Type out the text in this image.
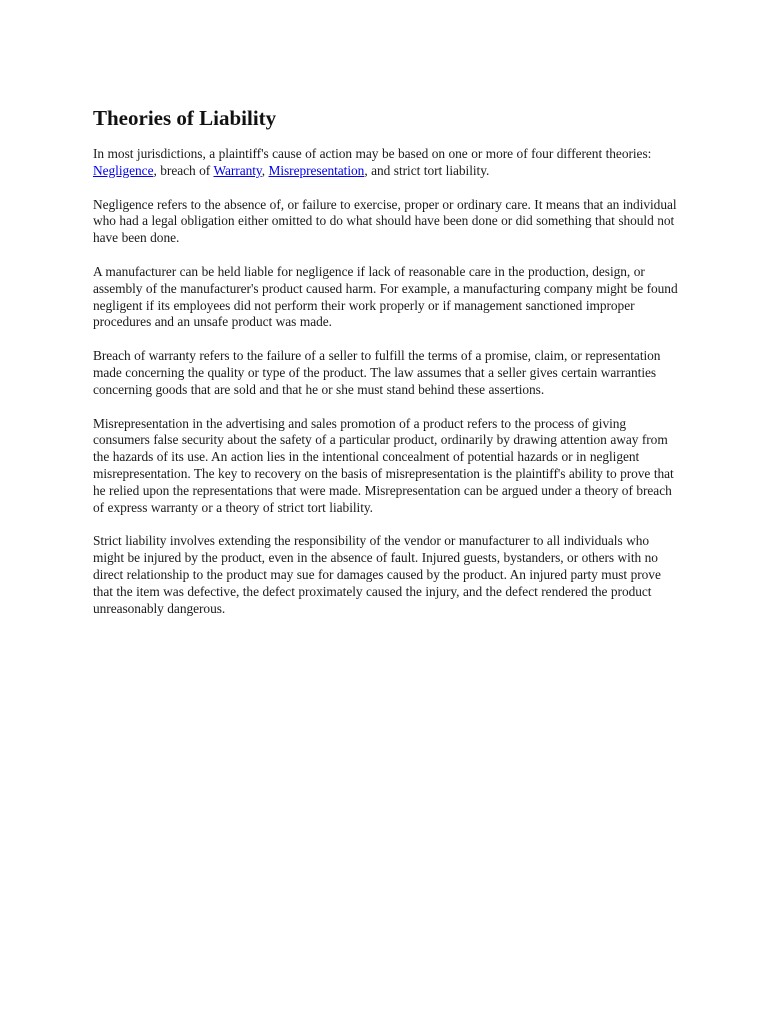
Theories of Liability

In most jurisdictions, a plaintiff's cause of action may be based on one or more of four different theories: Negligence, breach of Warranty, Misrepresentation, and strict tort liability.

Negligence refers to the absence of, or failure to exercise, proper or ordinary care. It means that an individual who had a legal obligation either omitted to do what should have been done or did something that should not have been done.

A manufacturer can be held liable for negligence if lack of reasonable care in the production, design, or assembly of the manufacturer's product caused harm. For example, a manufacturing company might be found negligent if its employees did not perform their work properly or if management sanctioned improper procedures and an unsafe product was made.

Breach of warranty refers to the failure of a seller to fulfill the terms of a promise, claim, or representation made concerning the quality or type of the product. The law assumes that a seller gives certain warranties concerning goods that are sold and that he or she must stand behind these assertions.

Misrepresentation in the advertising and sales promotion of a product refers to the process of giving consumers false security about the safety of a particular product, ordinarily by drawing attention away from the hazards of its use. An action lies in the intentional concealment of potential hazards or in negligent misrepresentation. The key to recovery on the basis of misrepresentation is the plaintiff's ability to prove that he relied upon the representations that were made. Misrepresentation can be argued under a theory of breach of express warranty or a theory of strict tort liability.

Strict liability involves extending the responsibility of the vendor or manufacturer to all individuals who might be injured by the product, even in the absence of fault. Injured guests, bystanders, or others with no direct relationship to the product may sue for damages caused by the product. An injured party must prove that the item was defective, the defect proximately caused the injury, and the defect rendered the product unreasonably dangerous.
